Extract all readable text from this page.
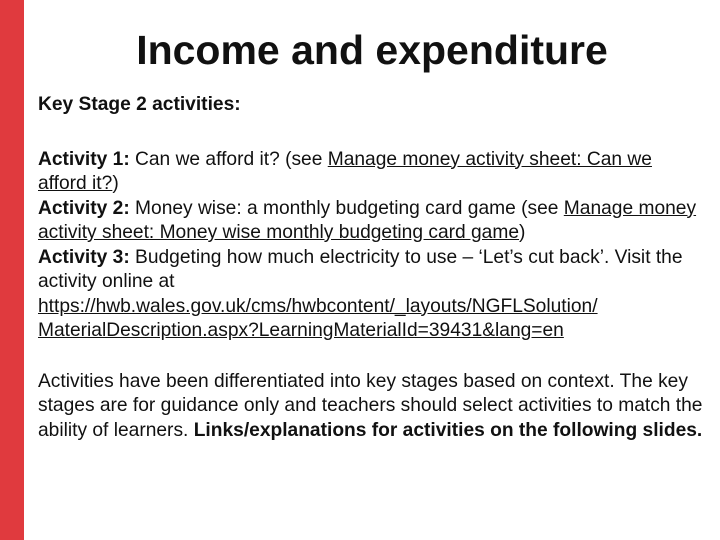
Income and expenditure

Key Stage 2 activities:

Activity 1: Can we afford it? (see Manage money activity sheet: Can we afford it?)

Activity 2: Money wise: a monthly budgeting card game (see Manage money activity sheet: Money wise monthly budgeting card game)

Activity 3: Budgeting how much electricity to use – ‘Let’s cut back’. Visit the activity online at https://hwb.wales.gov.uk/cms/hwbcontent/_layouts/NGFLSolution/
MaterialDescription.aspx?LearningMaterialId=39431&lang=en

Activities have been differentiated into key stages based on context. The key stages are for guidance only and teachers should select activities to match the ability of learners. Links/explanations for activities on the following slides.
